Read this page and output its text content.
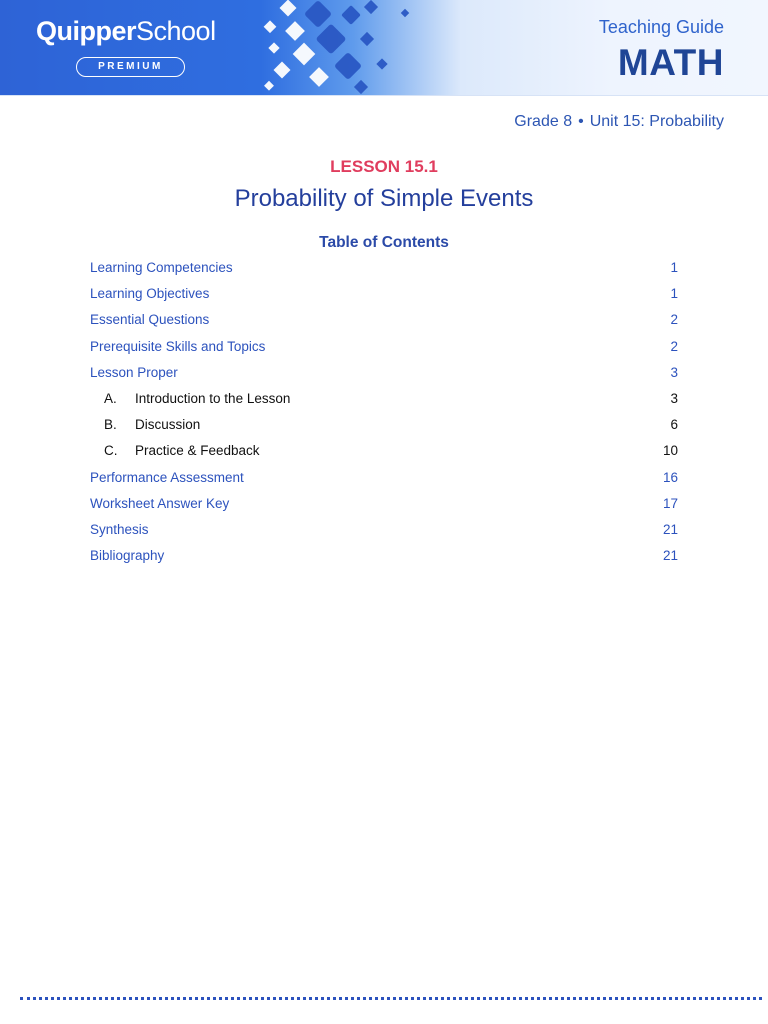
QuipperSchool
PREMIUM
Teaching Guide
MATH
Grade 8 • Unit 15: Probability
LESSON 15.1
Probability of Simple Events
Table of Contents
Learning Competencies	1
Learning Objectives	1
Essential Questions	2
Prerequisite Skills and Topics	2
Lesson Proper	3
A. Introduction to the Lesson	3
B. Discussion	6
C. Practice & Feedback	10
Performance Assessment	16
Worksheet Answer Key	17
Synthesis	21
Bibliography	21
